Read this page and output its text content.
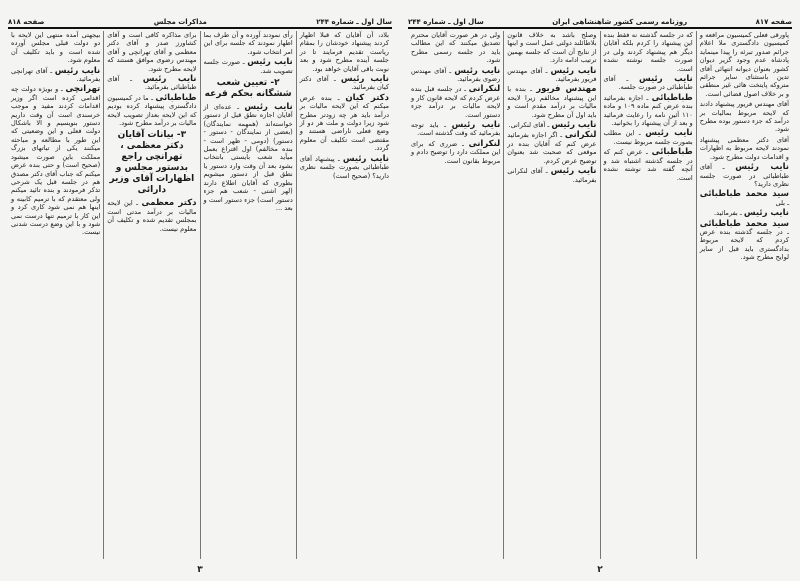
صفحه ۸۱۸	مذاکرات مجلس	سال اول ـ شماره ۲۴۴

بلاد، آن آقایان که قبلا اظهار کردند پیشنهاد خودشان را بمقام ریاست تقدیم فرمایند تا در جلسه آینده مطرح شود و بعد نوبت باقی آقایان خواهد بود.

نایب رئیس ـ آقای دکتر کیان بفرمائید.

دکتر کیان ـ بنده عرض میکنم که این لایحه مالیات بر درآمد باید هر چه زودتر مطرح شود زیرا دولت و ملت هر دو از وضع فعلی ناراضی هستند و مقتضی است تکلیف آن معلوم گردد.

نایب رئیس ـ پیشنهاد آقای طباطبائی بصورت جلسه نظری دارید؟ (صحیح است)

رأی نمودند آورده و آن طرف بما اظهار نمودند که جلسه برای این امر انتخاب شود.

نایب رئیس ـ صورت جلسه تصویب شد.

۲- تعیین شعب ششگانه بحکم قرعه

نایب رئیس ـ عده‌ای از آقایان اجازه نطق قبل از دستور خواسته‌اند (همهمه نمایندگان) (بعضی از نمایندگان - دستور - دستور) (دومی - ظهر است - بنده مخالفم) اول اقتراع بعمل میآید شعب بایستی بانتخاب بشود بعد آن وقت وارد دستور یا نطق قبل از دستور میشویم بطوری که آقایان اطلاع دارند (لهر اشتی - شعب هم جزء دستور است) جزء دستور است و بعد ...

برای مذاکره کافی است و آقای کشاورز صدر و آقای دکتر معظمی و آقای تهرانچی و آقای مهندس رضوی موافق هستند که لایحه مطرح شود.

نایب رئیس ـ آقای طباطبائی بفرمائید.

طباطبائی ـ ما در کمیسیون دادگستری پیشنهاد کرده بودیم که این لایحه بعداز تصویب لایحه مالیات بر درآمد مطرح شود.

۳- بیانات آقایان دکتر معظمی ، تهرانچی راجع بدستور مجلس و اظهارات آقای وزیر دارائی

دکتر معظمی ـ این لایحه مالیات بر درآمد مدتی است بمجلس تقدیم شده و تکلیف آن معلوم نیست.

بیجهتی آمده منتهی این لایحه با دو دولت قبلی مجلس آورده شده است و باید تکلیف آن معلوم شود.

نایب رئیس ـ آقای تهرانچی بفرمائید.

تهرانچی ـ و بویژه دولت چه اقدامی کرده است اگر وزیر اقدامات کردند مفید و موجب خرسندی است آن وقت داریم دستور بنویسیم و الا باشکال دولت فعلی و این وضعیتی که این طور با مطالعه و مباحثه میکنند یکی از تیاتهای بزرگ مملکت باین صورت میشود (صحیح است) و حتی بنده عرض میکنم که جناب آقای دکتر مصدق هم در جلسه قبل یک شرحی تذکر فرمودند و بنده تائید میکنم ولی معتقدم که با ترمیم کابینه و اینها هم نمی شود کاری کرد و این کار با ترمیم تنها درست نمی شود و با این وضع درست شدنی نیست.

۳
سال اول ـ شماره ۲۴۴	روزنامه رسمی کشور شاهنشاهی ایران	صفحه ۸۱۷

پاورقی فعلی کمیسیون مرافعه و کمیسیون دادگستری ملا اعلام جرائم صدور تبرئه را پیدا مینماید پادشاه عدم وجود گزیر دیوان کشور بعنوان دیوانه انتهائی آقای تدین باستثنای سایر جرائم متروکه پایتخت هائی غیر منطقی و بر خلاف اصول قضائی است.

آقای مهندس فریور پیشنهاد دادند که لایحه مربوط بمالیات بر درآمد که جزء دستور بوده مطرح شود.

آقای دکتر معظمی پیشنهاد نمودند لایحه مربوط به اظهارات و اقدامات دولت مطرح شود.

نایب رئیس ـ آقای طباطبائی در صورت جلسه نظری دارید؟

سید محمد طباطبائی ـ بلی

نایب رئیس ـ بفرمائید.

سید محمد طباطبائی ـ در جلسه گذشته بنده عرض کردم که لایحه مربوط بدادگستری باید قبل از سایر لوایح مطرح شود.

که در جلسه گذشته نه فقط بنده این پیشنهاد را کردم بلکه آقایان دیگر هم پیشنهاد کردند ولی در صورت جلسه نوشته نشده است.

نایب رئیس ـ آقای طباطبائی در صورت جلسه.

طباطبائی ـ اجازه بفرمائید بنده عرض کنم ماده ۱۰۹ و ماده ۱۱۰ آئین نامه را رعایت فرمائید و بعد از آن پیشنهاد را بخوانید.

نایب رئیس ـ این مطلب بصورت جلسه مربوط نیست.

طباطبائی ـ عرض کنم که در جلسه گذشته اشتباه شد و آنچه گفته شد نوشته نشده است.

وصلح باشد به خلاف قانون بلاطائلند دولتی عمل است و اینها از نتایج آن است که جلسه بهمین ترتیب ادامه دارد.

نایب رئیس ـ آقای مهندس فریور بفرمائید.

مهندس فریور ـ بنده با این پیشنهاد مخالفم زیرا لایحه مالیات بر درآمد مقدم است و باید اول آن مطرح شود.

نایب رئیس ـ آقای لنکرانی.

لنکرانی ـ اگر اجازه بفرمائید عرض کنم که آقایان بنده در موقعی که صحبت شد بعنوان توضیح عرض کردم.

نایب رئیس ـ آقای لنکرانی بفرمائید.

ولی در هر صورت آقایان محترم تصدیق میکنند که این مطالب باید در جلسه رسمی مطرح شود.

نایب رئیس ـ آقای مهندس رضوی بفرمائید.

لنکرانی ـ در جلسه قبل بنده عرض کردم که لایحه قانون کار و لایحه مالیات بر درآمد جزء دستور است.

نایب رئیس ـ باید توجه بفرمائید که وقت گذشته است.

لنکرانی ـ ضرری که برای این مملکت دارد را توضیح دادم و مربوط بقانون است.

۲
